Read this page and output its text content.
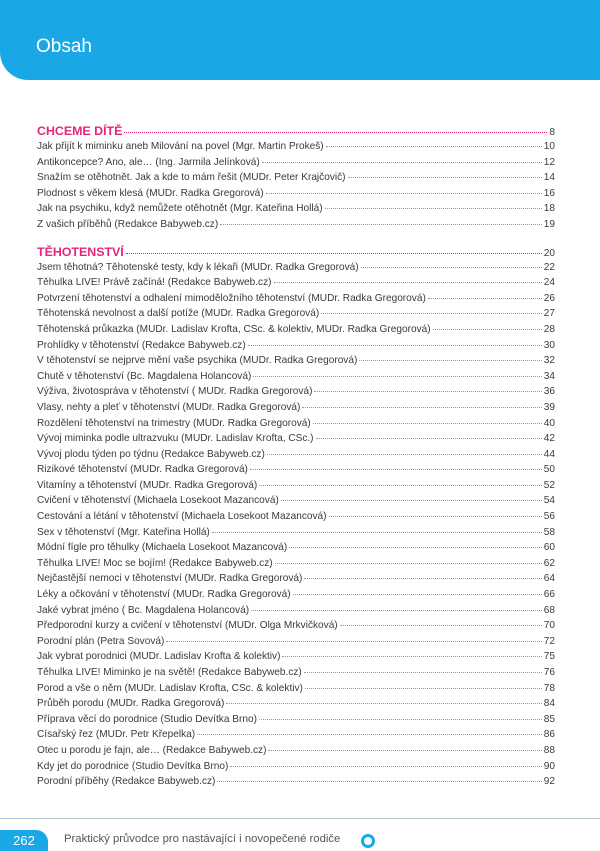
Obsah
CHCEME DÍTĚ	8
Jak přijít k miminku aneb Milování na povel (Mgr. Martin Prokeš)	10
Antikoncepce? Ano, ale… (Ing. Jarmila Jelínková)	12
Snažím se otěhotnět. Jak a kde to mám řešit (MUDr. Peter Krajčovič)	14
Plodnost s věkem klesá (MUDr. Radka Gregorová)	16
Jak na psychiku, když nemůžete otěhotnět (Mgr. Kateřina Hollá)	18
Z vašich příběhů (Redakce Babyweb.cz)	19
TĚHOTENSTVÍ	20
Jsem těhotná? Těhotenské testy, kdy k lékaři (MUDr. Radka Gregorová)	22
Těhulka LIVE! Právě začíná! (Redakce Babyweb.cz)	24
Potvrzení těhotenství a odhalení mimoděložního těhotenství (MUDr. Radka Gregorová)	26
Těhotenská nevolnost a další potíže (MUDr. Radka Gregorová)	27
Těhotenská průkazka (MUDr. Ladislav Krofta, CSc. & kolektiv, MUDr. Radka Gregorová)	28
Prohlídky v těhotenství (Redakce Babyweb.cz)	30
V těhotenství se nejprve mění vaše psychika (MUDr. Radka Gregorová)	32
Chutě v těhotenství (Bc. Magdalena Holancová)	34
Výživa, životospráva v těhotenství ( MUDr. Radka Gregorová)	36
Vlasy, nehty a pleť v těhotenství (MUDr. Radka Gregorová)	39
Rozdělení těhotenství na trimestry (MUDr. Radka Gregorová)	40
Vývoj miminka podle ultrazvuku (MUDr. Ladislav Krofta, CSc.)	42
Vývoj plodu týden po týdnu (Redakce Babyweb.cz)	44
Rizikové těhotenství (MUDr. Radka Gregorová)	50
Vitamíny a těhotenství (MUDr. Radka Gregorová)	52
Cvičení v těhotenství (Michaela Losekoot Mazancová)	54
Cestování a létání v těhotenství (Michaela Losekoot Mazancová)	56
Sex v těhotenství (Mgr. Kateřina Hollá)	58
Módní fígle pro těhulky (Michaela Losekoot Mazancová)	60
Těhulka LIVE! Moc se bojím! (Redakce Babyweb.cz)	62
Nejčastější nemoci v těhotenství (MUDr. Radka Gregorová)	64
Léky a očkování v těhotenství (MUDr. Radka Gregorová)	66
Jaké vybrat jméno ( Bc. Magdalena Holancová)	68
Předporodní kurzy a cvičení v těhotenství (MUDr. Olga Mrkvičková)	70
Porodní plán (Petra Sovová)	72
Jak vybrat porodnici (MUDr. Ladislav Krofta & kolektiv)	75
Těhulka LIVE! Miminko je na světě! (Redakce Babyweb.cz)	76
Porod a vše o něm (MUDr. Ladislav Krofta, CSc. & kolektiv)	78
Průběh porodu (MUDr. Radka Gregorová)	84
Příprava věcí do porodnice (Studio Devítka Brno)	85
Císařský řez (MUDr. Petr Křepelka)	86
Otec u porodu je fajn, ale… (Redakce Babyweb.cz)	88
Kdy jet do porodnice (Studio Devítka Brno)	90
Porodní příběhy (Redakce Babyweb.cz)	92
262	Praktický průvodce pro nastávající i novopečené rodiče
